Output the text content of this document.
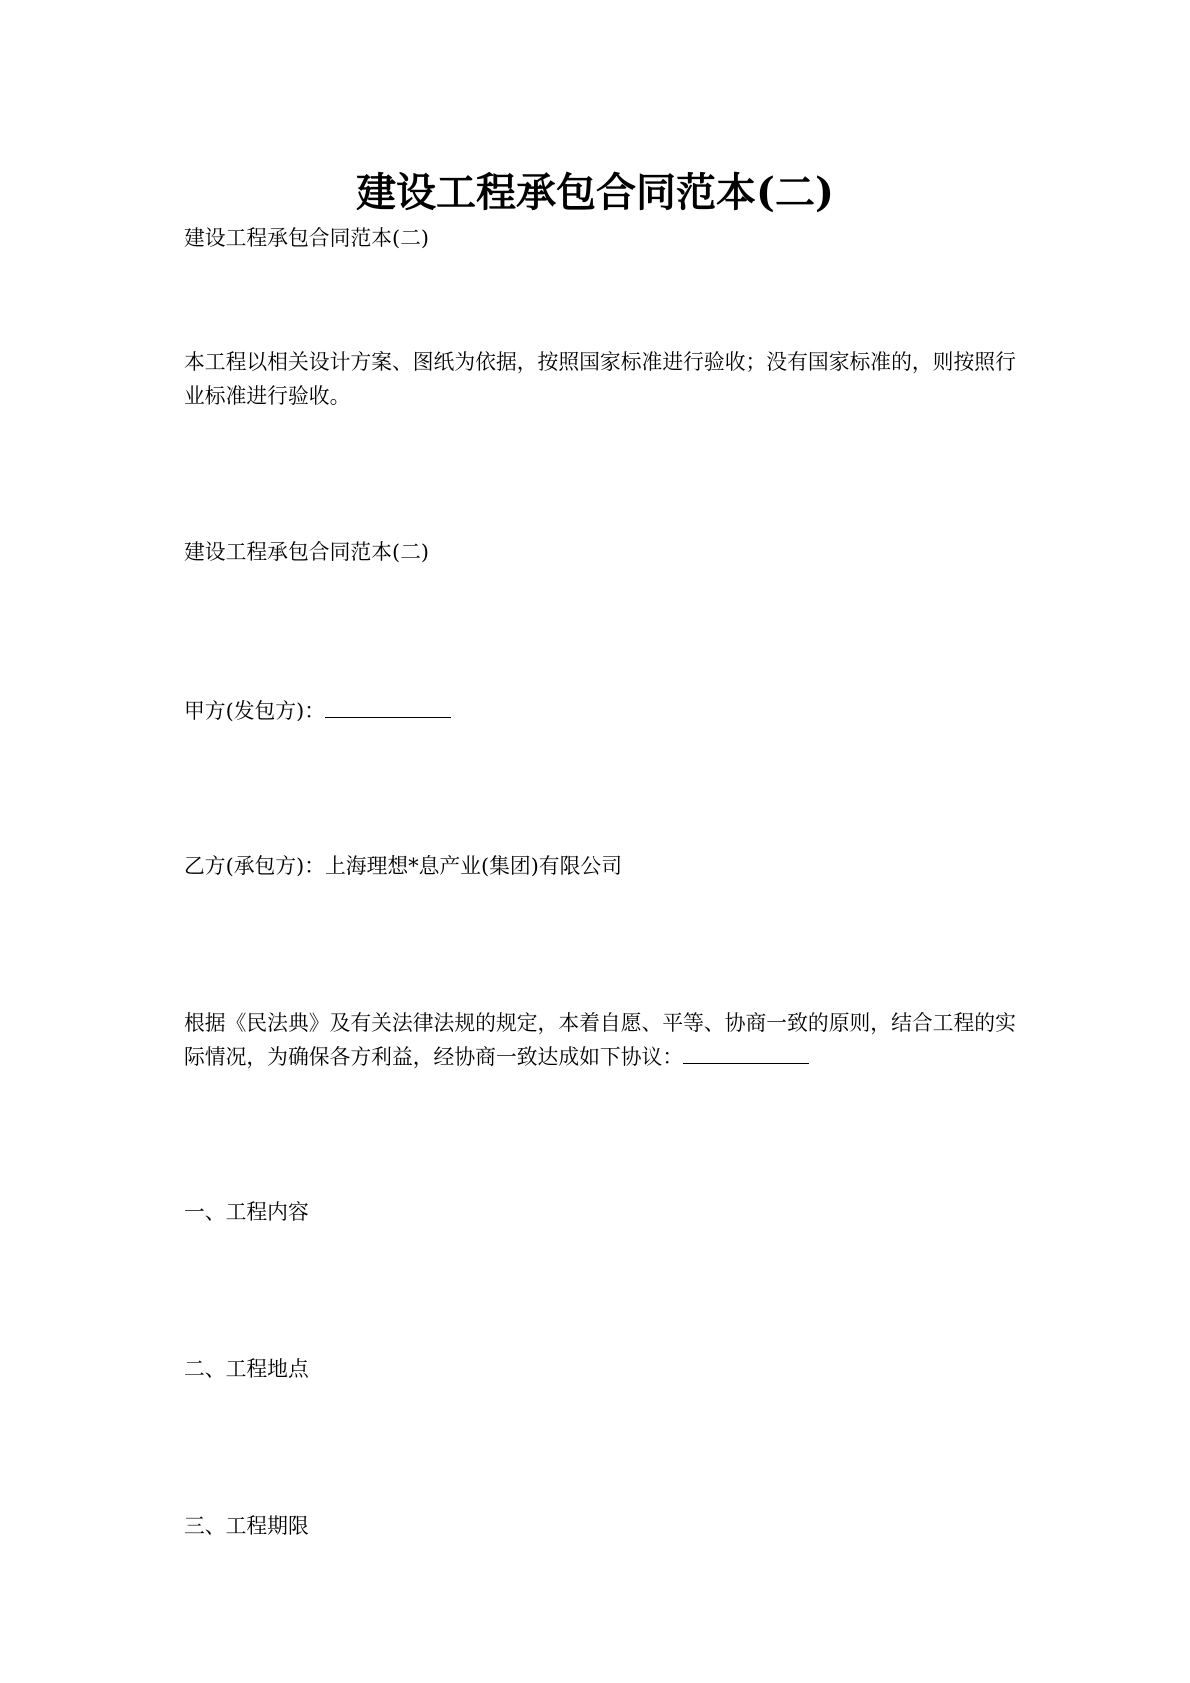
建设工程承包合同范本(二)

建设工程承包合同范本(二)

本工程以相关设计方案、图纸为依据，按照国家标准进行验收；没有国家标准的，则按照行业标准进行验收。

建设工程承包合同范本(二)

甲方(发包方)：

乙方(承包方)：上海理想*息产业(集团)有限公司

根据《民法典》及有关法律法规的规定，本着自愿、平等、协商一致的原则，结合工程的实际情况，为确保各方利益，经协商一致达成如下协议：

一、工程内容

二、工程地点

三、工程期限
